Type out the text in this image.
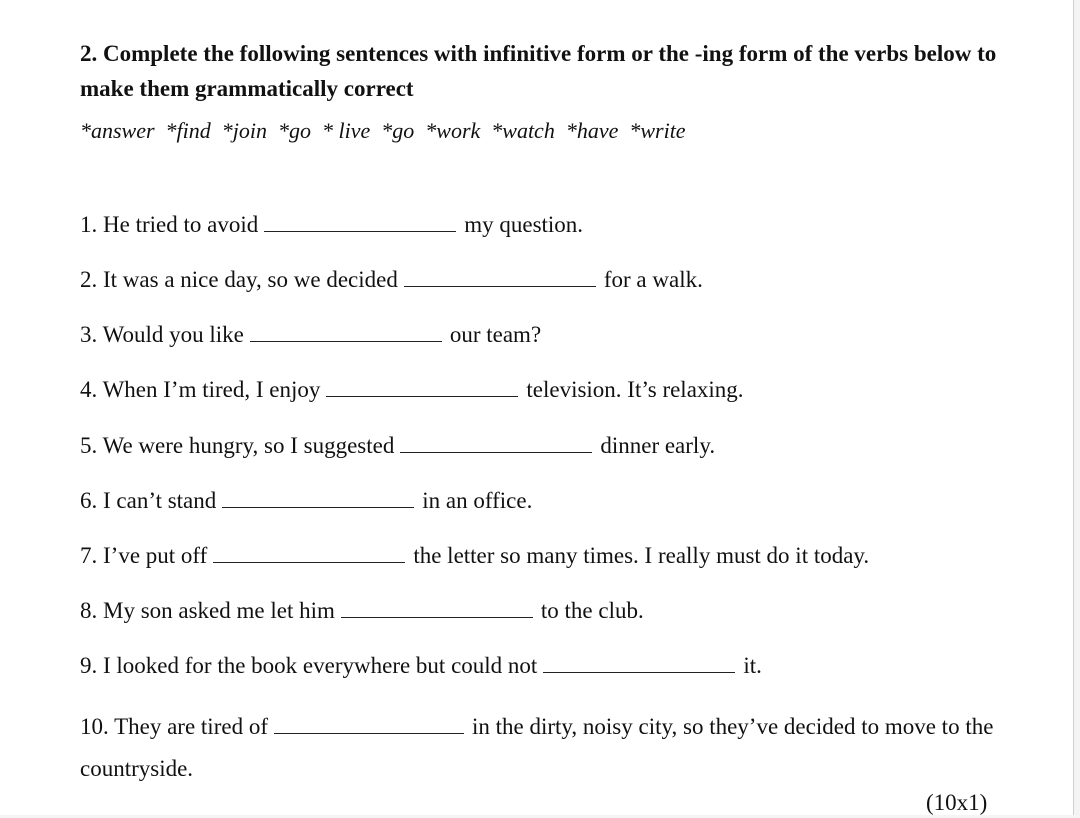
2. Complete the following sentences with infinitive form or the -ing form of the verbs below to make them grammatically correct
*answer  *find  *join  *go  * live  *go  *work  *watch  *have  *write
1. He tried to avoid	my question.
2. It was a nice day, so we decided	for a walk.
3. Would you like	our team?
4. When I’m tired, I enjoy	television. It’s relaxing.
5. We were hungry, so I suggested	dinner early.
6. I can’t stand	in an office.
7. I’ve put off	the letter so many times. I really must do it today.
8. My son asked me let him	to the club.
9. I looked for the book everywhere but could not	it.
10. They are tired of	in the dirty, noisy city, so they’ve decided to move to the countryside.
(10x1)
